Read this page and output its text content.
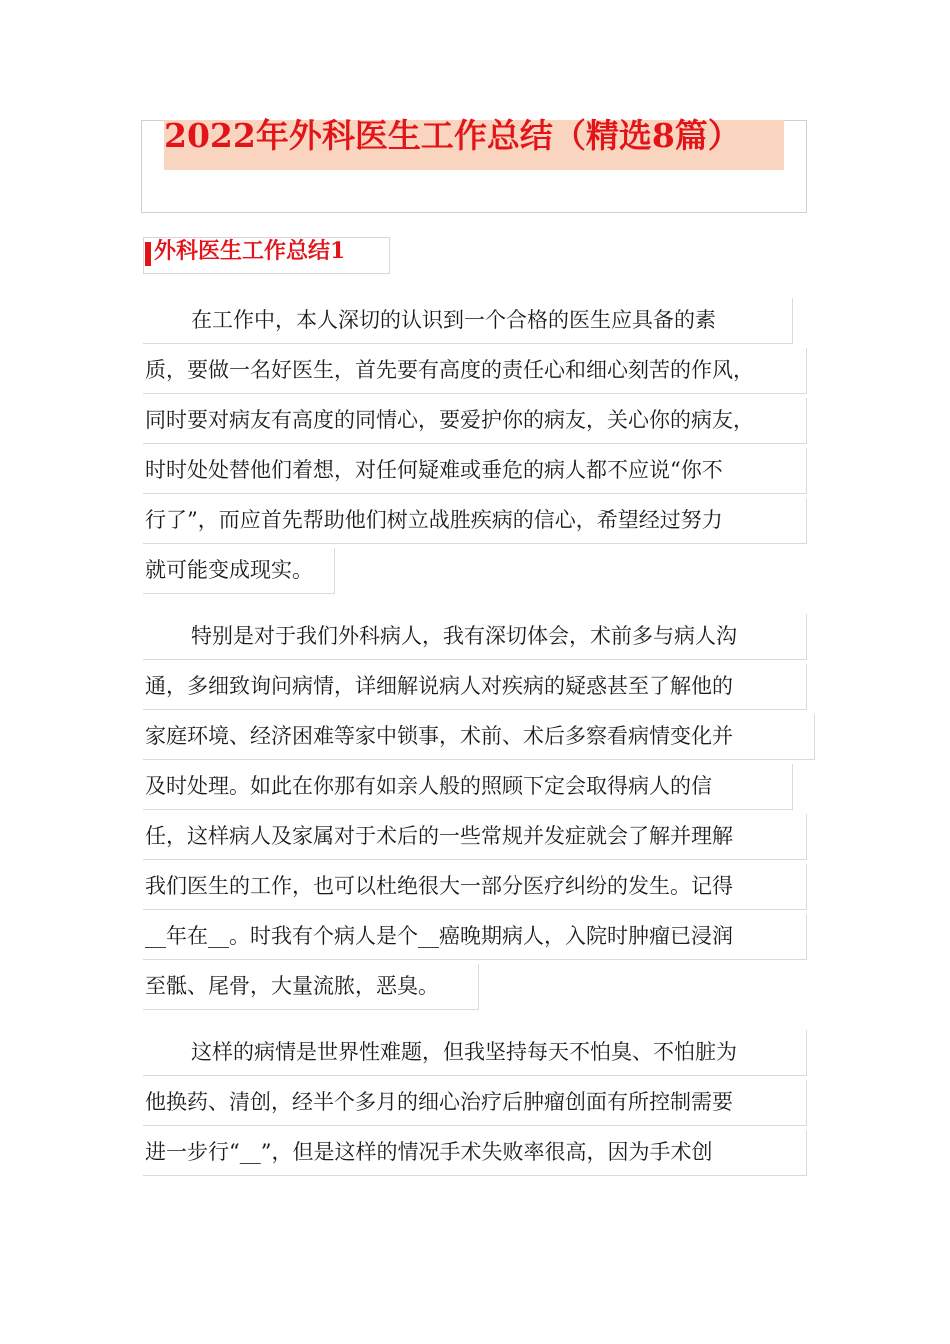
2022年外科医生工作总结（精选8篇）
外科医生工作总结1
在工作中，本人深切的认识到一个合格的医生应具备的素
质，要做一名好医生，首先要有高度的责任心和细心刻苦的作风，
同时要对病友有高度的同情心，要爱护你的病友，关心你的病友，
时时处处替他们着想，对任何疑难或垂危的病人都不应说“你不
行了”，而应首先帮助他们树立战胜疾病的信心，希望经过努力
就可能变成现实。
特别是对于我们外科病人，我有深切体会，术前多与病人沟
通，多细致询问病情，详细解说病人对疾病的疑惑甚至了解他的
家庭环境、经济困难等家中锁事，术前、术后多察看病情变化并
及时处理。如此在你那有如亲人般的照顾下定会取得病人的信
任，这样病人及家属对于术后的一些常规并发症就会了解并理解
我们医生的工作，也可以杜绝很大一部分医疗纠纷的发生。记得
__年在__。时我有个病人是个__癌晚期病人，入院时肿瘤已浸润
至骶、尾骨，大量流脓，恶臭。
这样的病情是世界性难题，但我坚持每天不怕臭、不怕脏为
他换药、清创，经半个多月的细心治疗后肿瘤创面有所控制需要
进一步行“__”，但是这样的情况手术失败率很高，因为手术创
